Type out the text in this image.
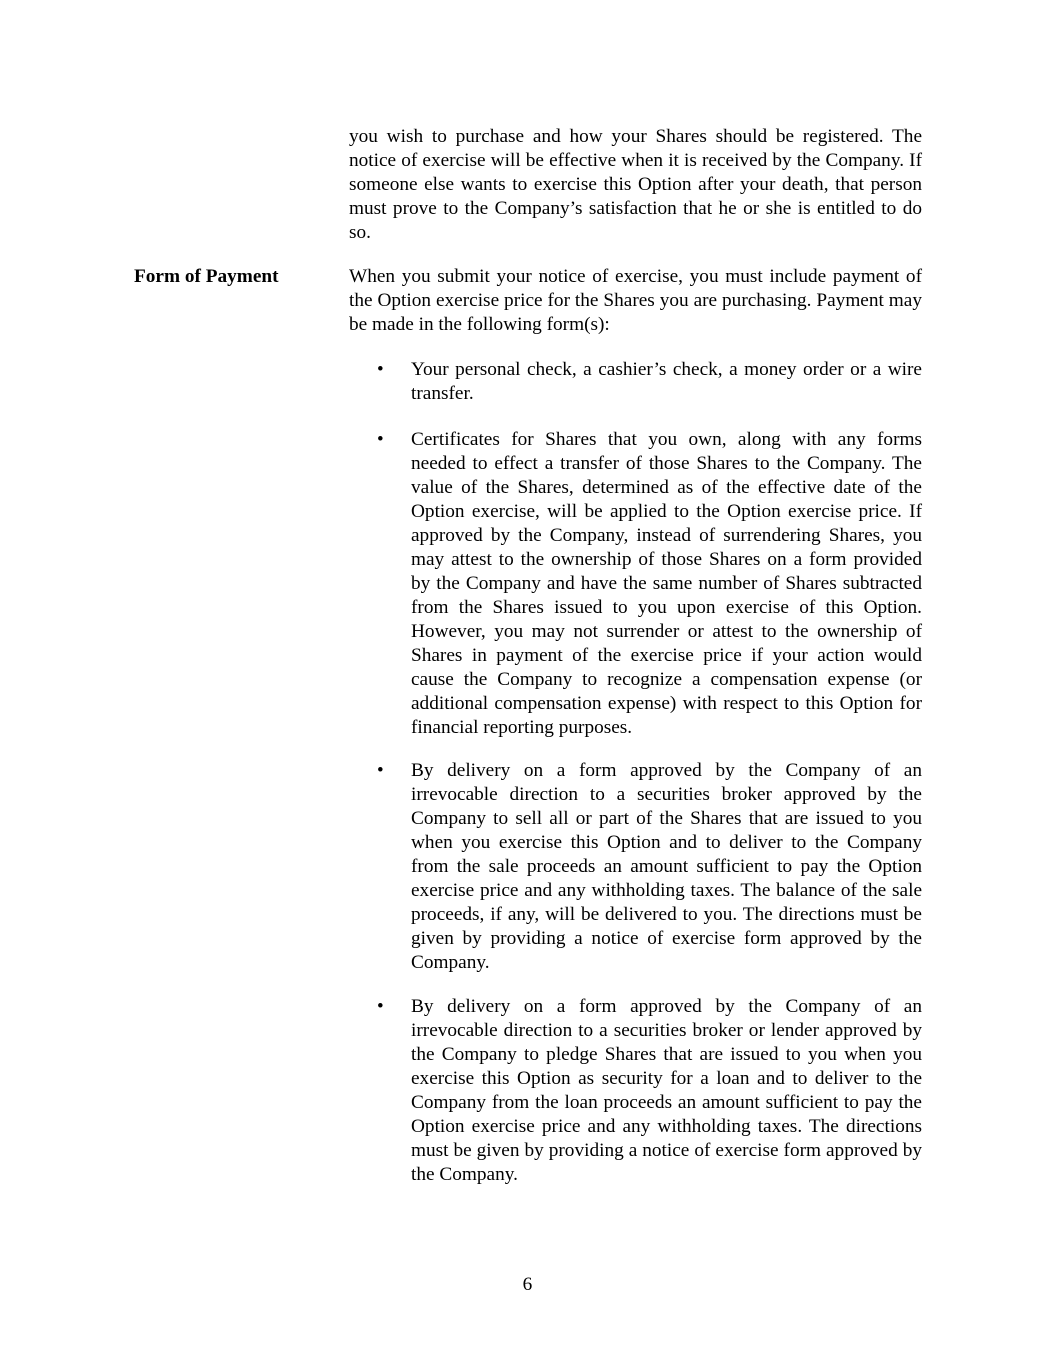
you wish to purchase and how your Shares should be registered. The notice of exercise will be effective when it is received by the Company. If someone else wants to exercise this Option after your death, that person must prove to the Company’s satisfaction that he or she is entitled to do so.

Form of Payment	When you submit your notice of exercise, you must include payment of the Option exercise price for the Shares you are purchasing. Payment may be made in the following form(s):

•	Your personal check, a cashier’s check, a money order or a wire transfer.

•	Certificates for Shares that you own, along with any forms needed to effect a transfer of those Shares to the Company. The value of the Shares, determined as of the effective date of the Option exercise, will be applied to the Option exercise price. If approved by the Company, instead of surrendering Shares, you may attest to the ownership of those Shares on a form provided by the Company and have the same number of Shares subtracted from the Shares issued to you upon exercise of this Option. However, you may not surrender or attest to the ownership of Shares in payment of the exercise price if your action would cause the Company to recognize a compensation expense (or additional compensation expense) with respect to this Option for financial reporting purposes.

•	By delivery on a form approved by the Company of an irrevocable direction to a securities broker approved by the Company to sell all or part of the Shares that are issued to you when you exercise this Option and to deliver to the Company from the sale proceeds an amount sufficient to pay the Option exercise price and any withholding taxes. The balance of the sale proceeds, if any, will be delivered to you. The directions must be given by providing a notice of exercise form approved by the Company.

•	By delivery on a form approved by the Company of an irrevocable direction to a securities broker or lender approved by the Company to pledge Shares that are issued to you when you exercise this Option as security for a loan and to deliver to the Company from the loan proceeds an amount sufficient to pay the Option exercise price and any withholding taxes. The directions must be given by providing a notice of exercise form approved by the Company.

6
